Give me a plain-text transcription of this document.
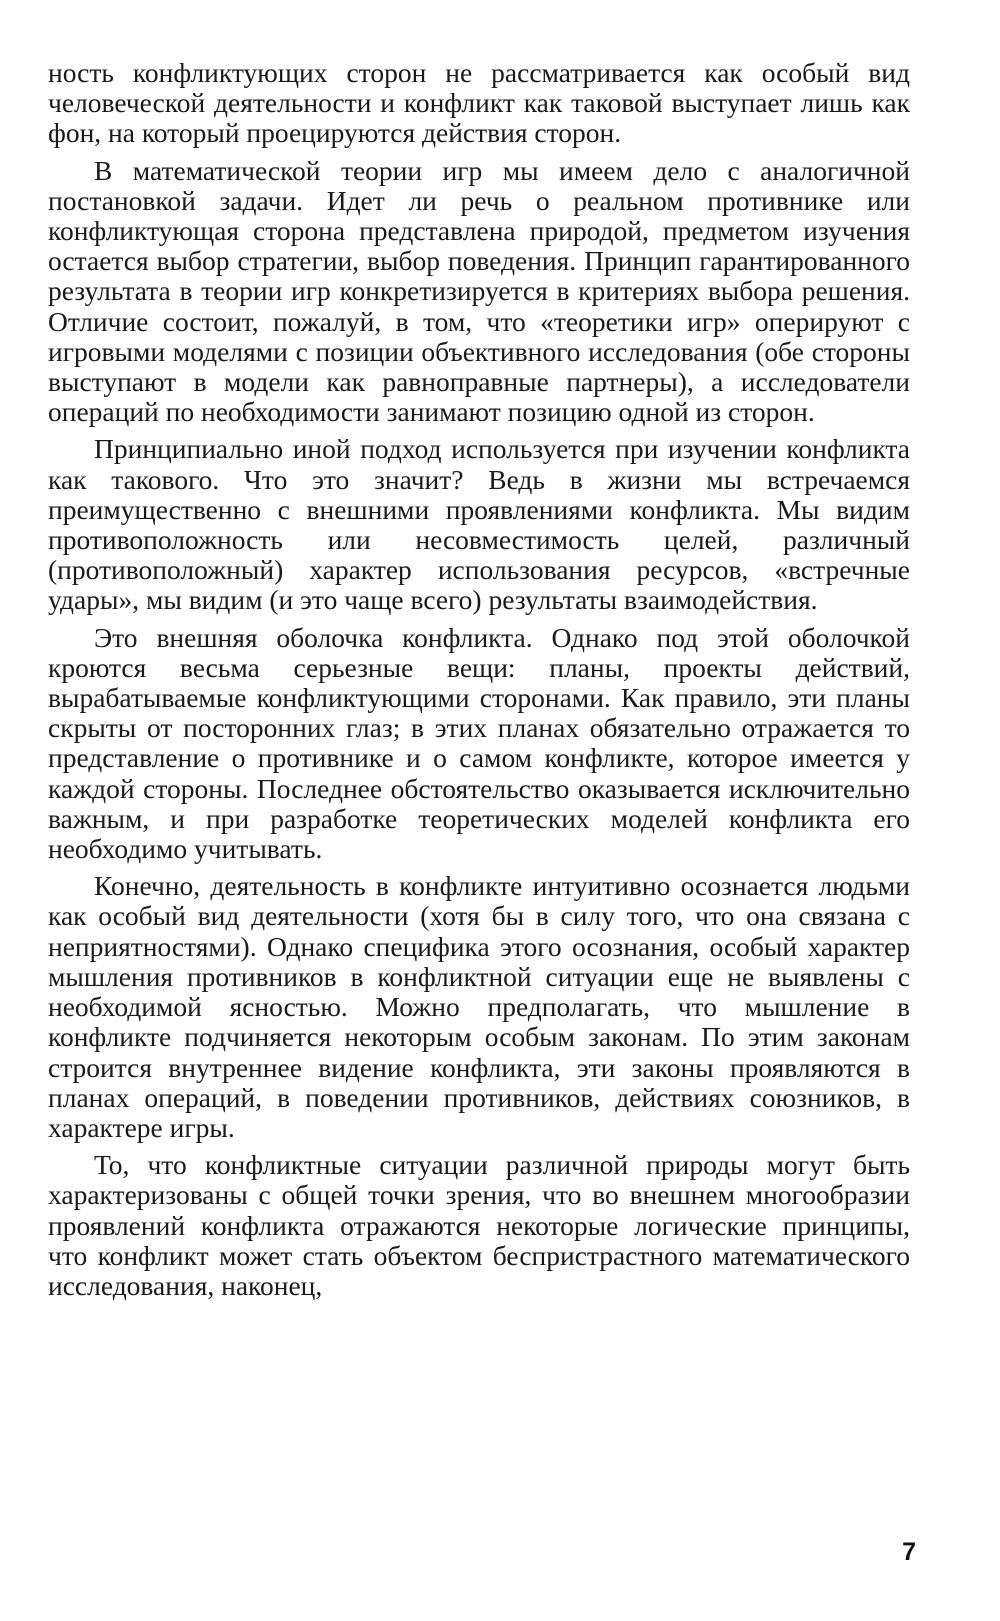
ность конфликтующих сторон не рассматривается как особый вид человеческой деятельности и конфликт как таковой выступает лишь как фон, на который проецируются действия сторон.

В математической теории игр мы имеем дело с аналогичной постановкой задачи. Идет ли речь о реальном противнике или конфликтующая сторона представлена природой, предметом изучения остается выбор стратегии, выбор поведения. Принцип гарантированного результата в теории игр конкретизируется в критериях выбора решения. Отличие состоит, пожалуй, в том, что «теоретики игр» оперируют с игровыми моделями с позиции объективного исследования (обе стороны выступают в модели как равноправные партнеры), а исследователи операций по необходимости занимают позицию одной из сторон.

Принципиально иной подход используется при изучении конфликта как такового. Что это значит? Ведь в жизни мы встречаемся преимущественно с внешними проявлениями конфликта. Мы видим противоположность или несовместимость целей, различный (противоположный) характер использования ресурсов, «встречные удары», мы видим (и это чаще всего) результаты взаимодействия.

Это внешняя оболочка конфликта. Однако под этой оболочкой кроются весьма серьезные вещи: планы, проекты действий, вырабатываемые конфликтующими сторонами. Как правило, эти планы скрыты от посторонних глаз; в этих планах обязательно отражается то представление о противнике и о самом конфликте, которое имеется у каждой стороны. Последнее обстоятельство оказывается исключительно важным, и при разработке теоретических моделей конфликта его необходимо учитывать.

Конечно, деятельность в конфликте интуитивно осознается людьми как особый вид деятельности (хотя бы в силу того, что она связана с неприятностями). Однако специфика этого осознания, особый характер мышления противников в конфликтной ситуации еще не выявлены с необходимой ясностью. Можно предполагать, что мышление в конфликте подчиняется некоторым особым законам. По этим законам строится внутреннее видение конфликта, эти законы проявляются в планах операций, в поведении противников, действиях союзников, в характере игры.

То, что конфликтные ситуации различной природы могут быть характеризованы с общей точки зрения, что во внешнем многообразии проявлений конфликта отражаются некоторые логические принципы, что конфликт может стать объектом беспристрастного математического исследования, наконец,

7
